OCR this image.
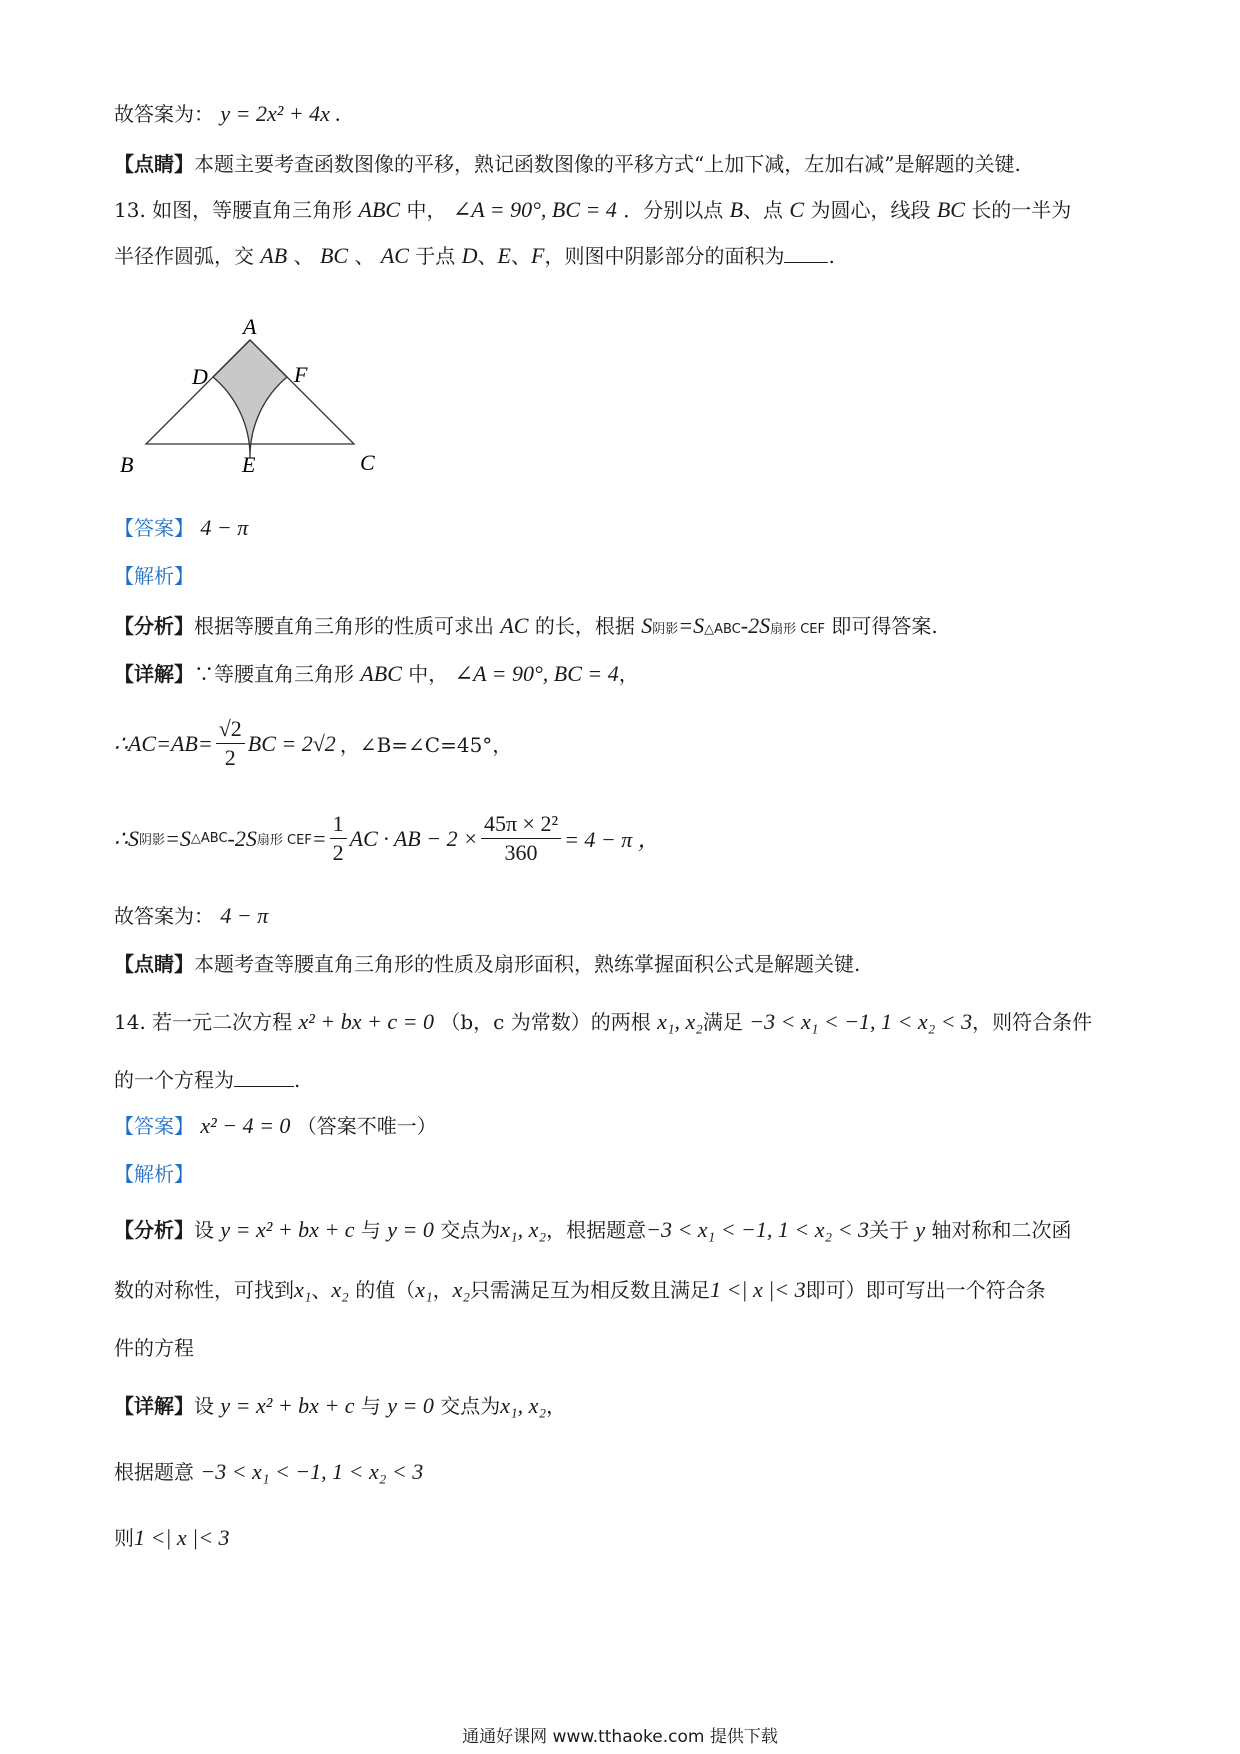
故答案为： y = 2x² + 4x .
【点睛】本题主要考查函数图像的平移，熟记函数图像的平移方式“上加下减，左加右减”是解题的关键.
13. 如图，等腰直角三角形 ABC 中， ∠A = 90°, BC = 4 ．分别以点 B、点 C 为圆心，线段 BC 长的一半为
半径作圆弧，交 AB 、 BC 、 AC 于点 D、E、F，则图中阴影部分的面积为 .
A
D	F
B	E	C
【答案】 4 − π
【解析】
【分析】根据等腰直角三角形的性质可求出 AC 的长，根据 S阴影=S△ABC-2S扇形 CEF 即可得答案.
【详解】∵等腰直角三角形 ABC 中， ∠A = 90°, BC = 4，
∴AC=AB= $\frac{√2}{2}$ BC = 2√2 ，∠B=∠C=45°，
∴S 阴影 =S △ABC -2S 扇形 CEF = $\frac{1}{2}$ AC · AB − $2 \times \frac{\text{45π × 2²}}{360} = 4 - \pi$ ，
故答案为： 4 − π
【点睛】本题考查等腰直角三角形的性质及扇形面积，熟练掌握面积公式是解题关键.
14. 若一元二次方程 x² + bx + c = 0 （b，c 为常数）的两根 x₁, x₂满足 −3 < x₁ < −1, 1 < x₂ < 3，则符合条件
的一个方程为	.
【答案】 x² − 4 = 0 （答案不唯一）
【解析】
【分析】设 y = x² + bx + c 与 y = 0 交点为x₁, x₂，根据题意−3 < x₁ < −1, 1 < x₂ < 3关于 y 轴对称和二次函
数的对称性，可找到x₁、x₂ 的值（x₁，x₂只需满足互为相反数且满足1 <| x |< 3即可）即可写出一个符合条
件的方程
【详解】设 y = x² + bx + c 与 y = 0 交点为x₁, x₂，
根据题意 −3 < x₁ < −1, 1 < x₂ < 3
则1 <| x |< 3
通通好课网 www.tthaoke.com 提供下载
